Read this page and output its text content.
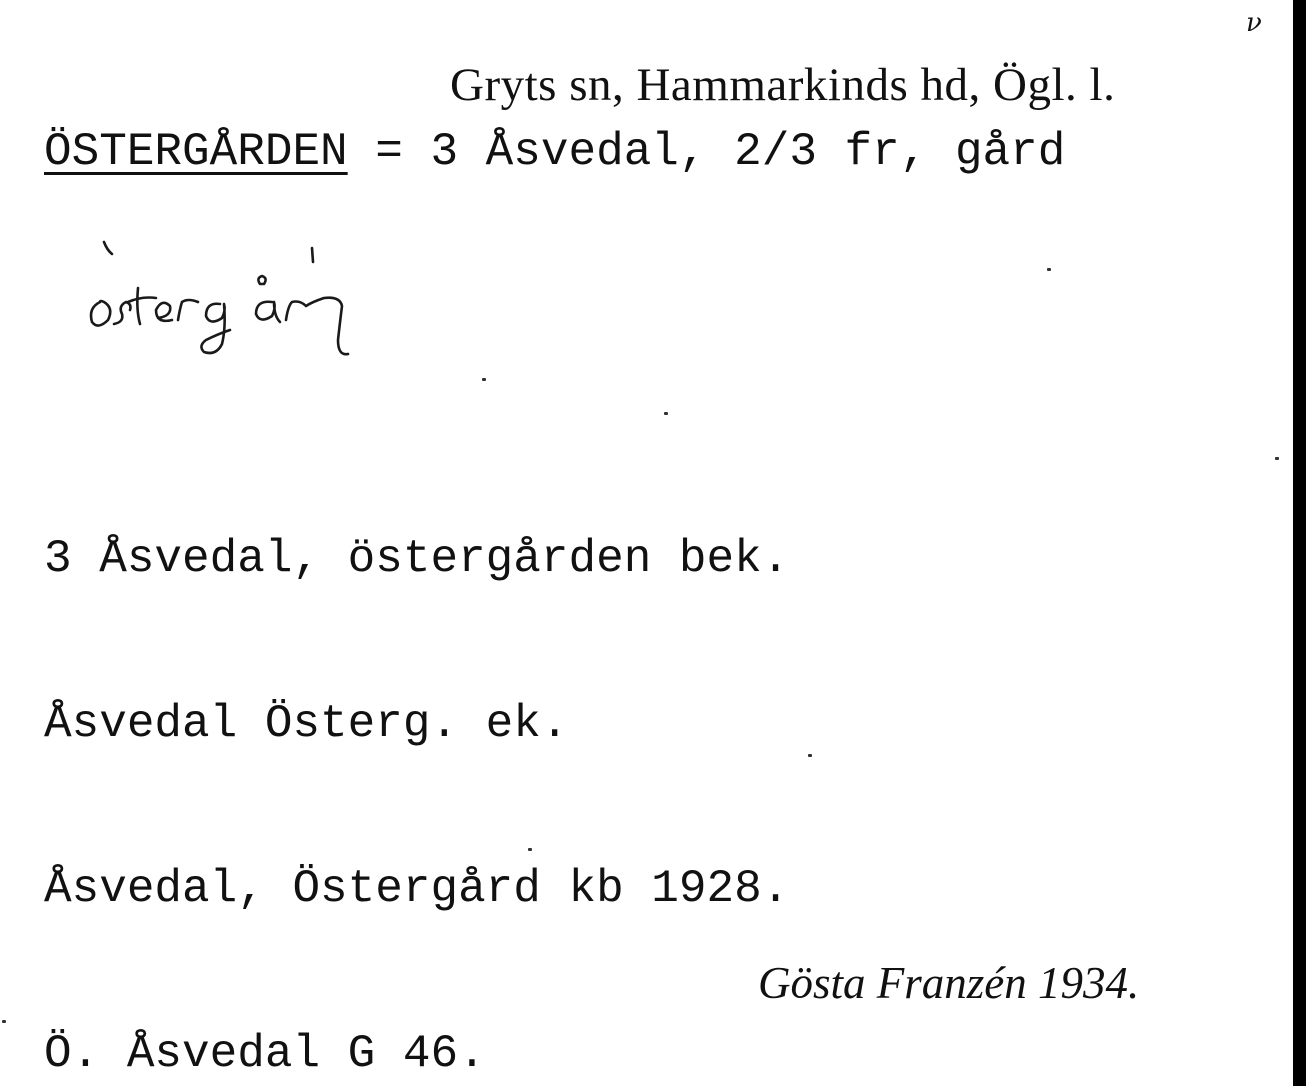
ν
Gryts sn, Hammarkinds hd, Ögl. l.
ÖSTERGÅRDEN = 3 Åsvedal, 2/3 fr, gård

3 Åsvedal, östergården bek.

Åsvedal Österg. ek.

Åsvedal, Östergård kb 1928.

Ö. Åsvedal G 46.

Gösta Franzén 1934.
